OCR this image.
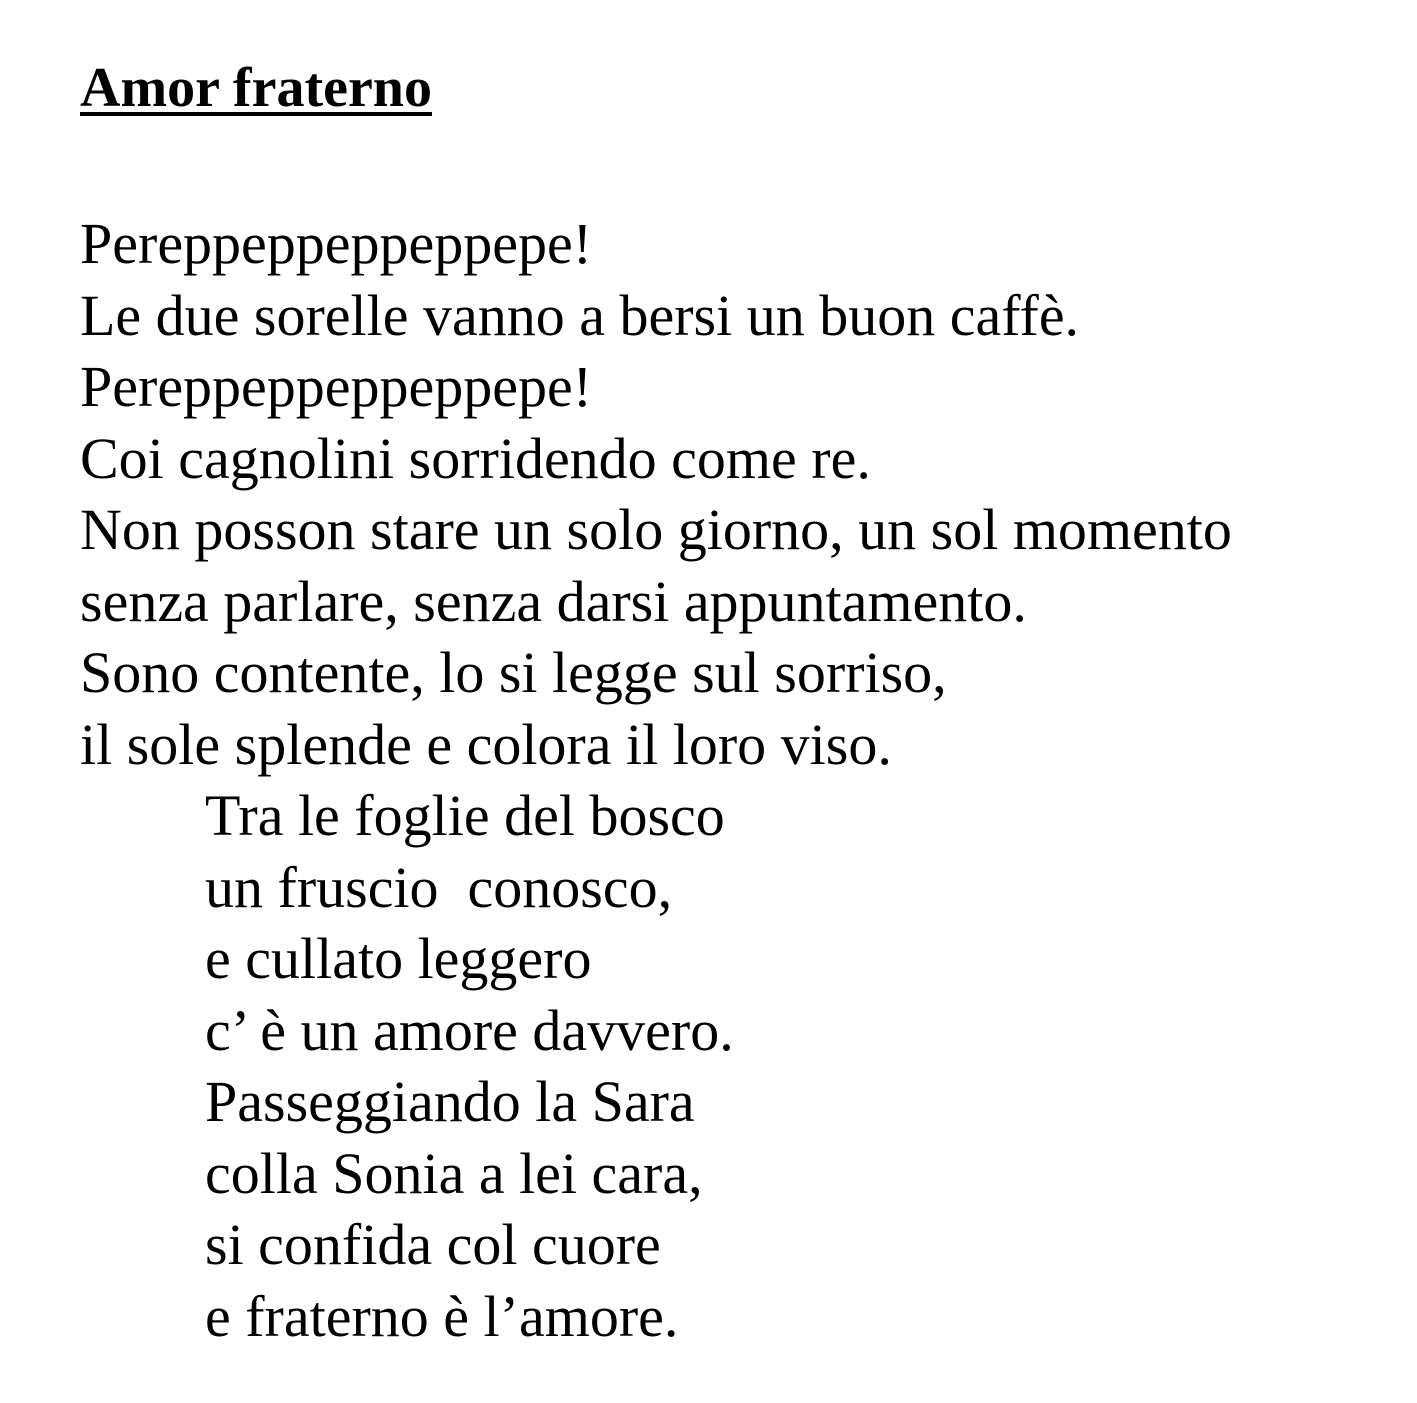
Amor fraterno
Pereppeppeppeppepe!
Le due sorelle vanno a bersi un buon caffè.
Pereppeppeppeppepe!
Coi cagnolini sorridendo come re.
Non posson stare un solo giorno, un sol momento
senza parlare, senza darsi appuntamento.
Sono contente, lo si legge sul sorriso,
il sole splende e colora il loro viso.
Tra le foglie del bosco
un fruscio  conosco,
e cullato leggero
c’ è un amore davvero.
Passeggiando la Sara
colla Sonia a lei cara,
si confida col cuore
e fraterno è l’amore.
